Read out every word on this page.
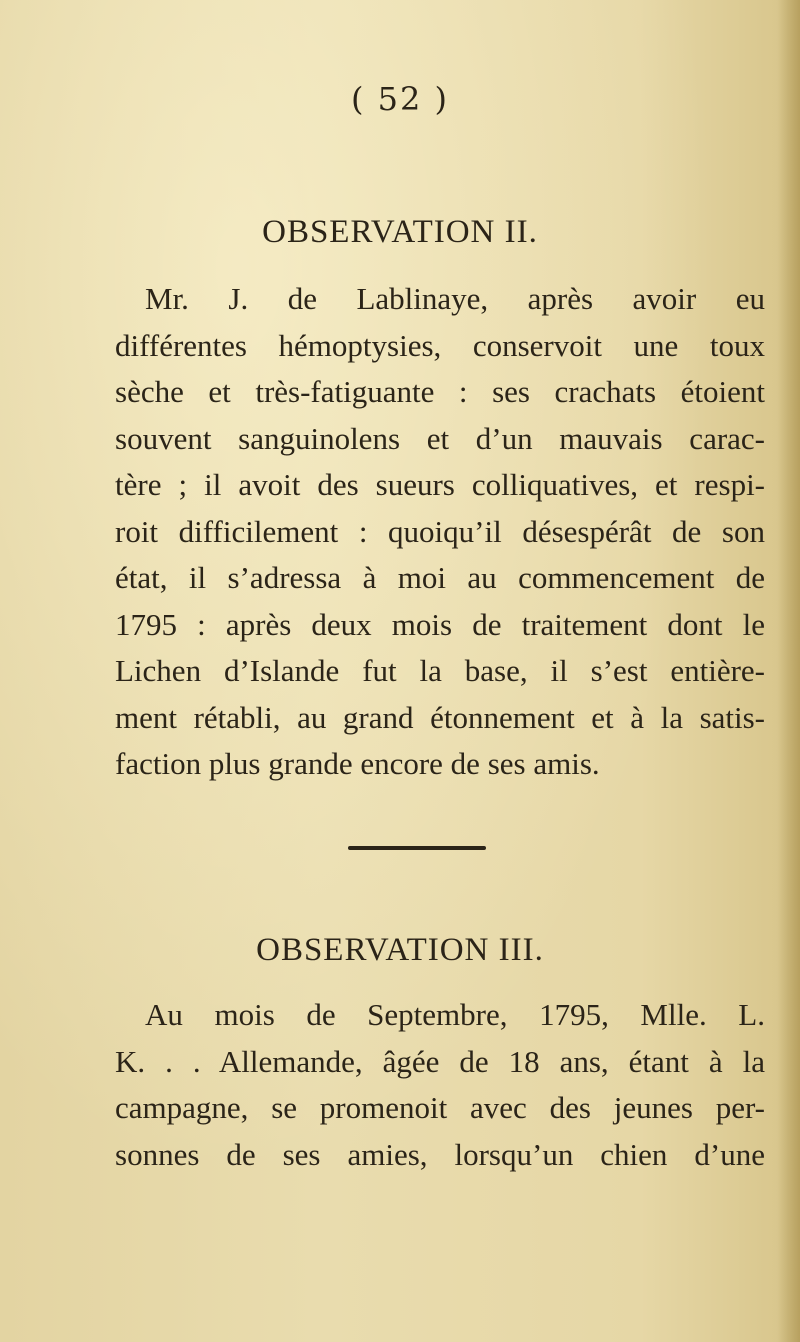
( 52 )
OBSERVATION II.
Mr. J. de Lablinaye, après avoir eu
différentes hémoptysies, conservoit une toux
sèche et très-fatiguante : ses crachats étoient
souvent sanguinolens et d’un mauvais carac-
tère ; il avoit des sueurs colliquatives, et respi-
roit difficilement : quoiqu’il désespérât de son
état, il s’adressa à moi au commencement de
1795 : après deux mois de traitement dont le
Lichen d’Islande fut la base, il s’est entière-
ment rétabli, au grand étonnement et à la satis-
faction plus grande encore de ses amis.
OBSERVATION III.
Au mois de Septembre, 1795, Mlle. L.
K. . . Allemande, âgée de 18 ans, étant à la
campagne, se promenoit avec des jeunes per-
sonnes de ses amies, lorsqu’un chien d’une
